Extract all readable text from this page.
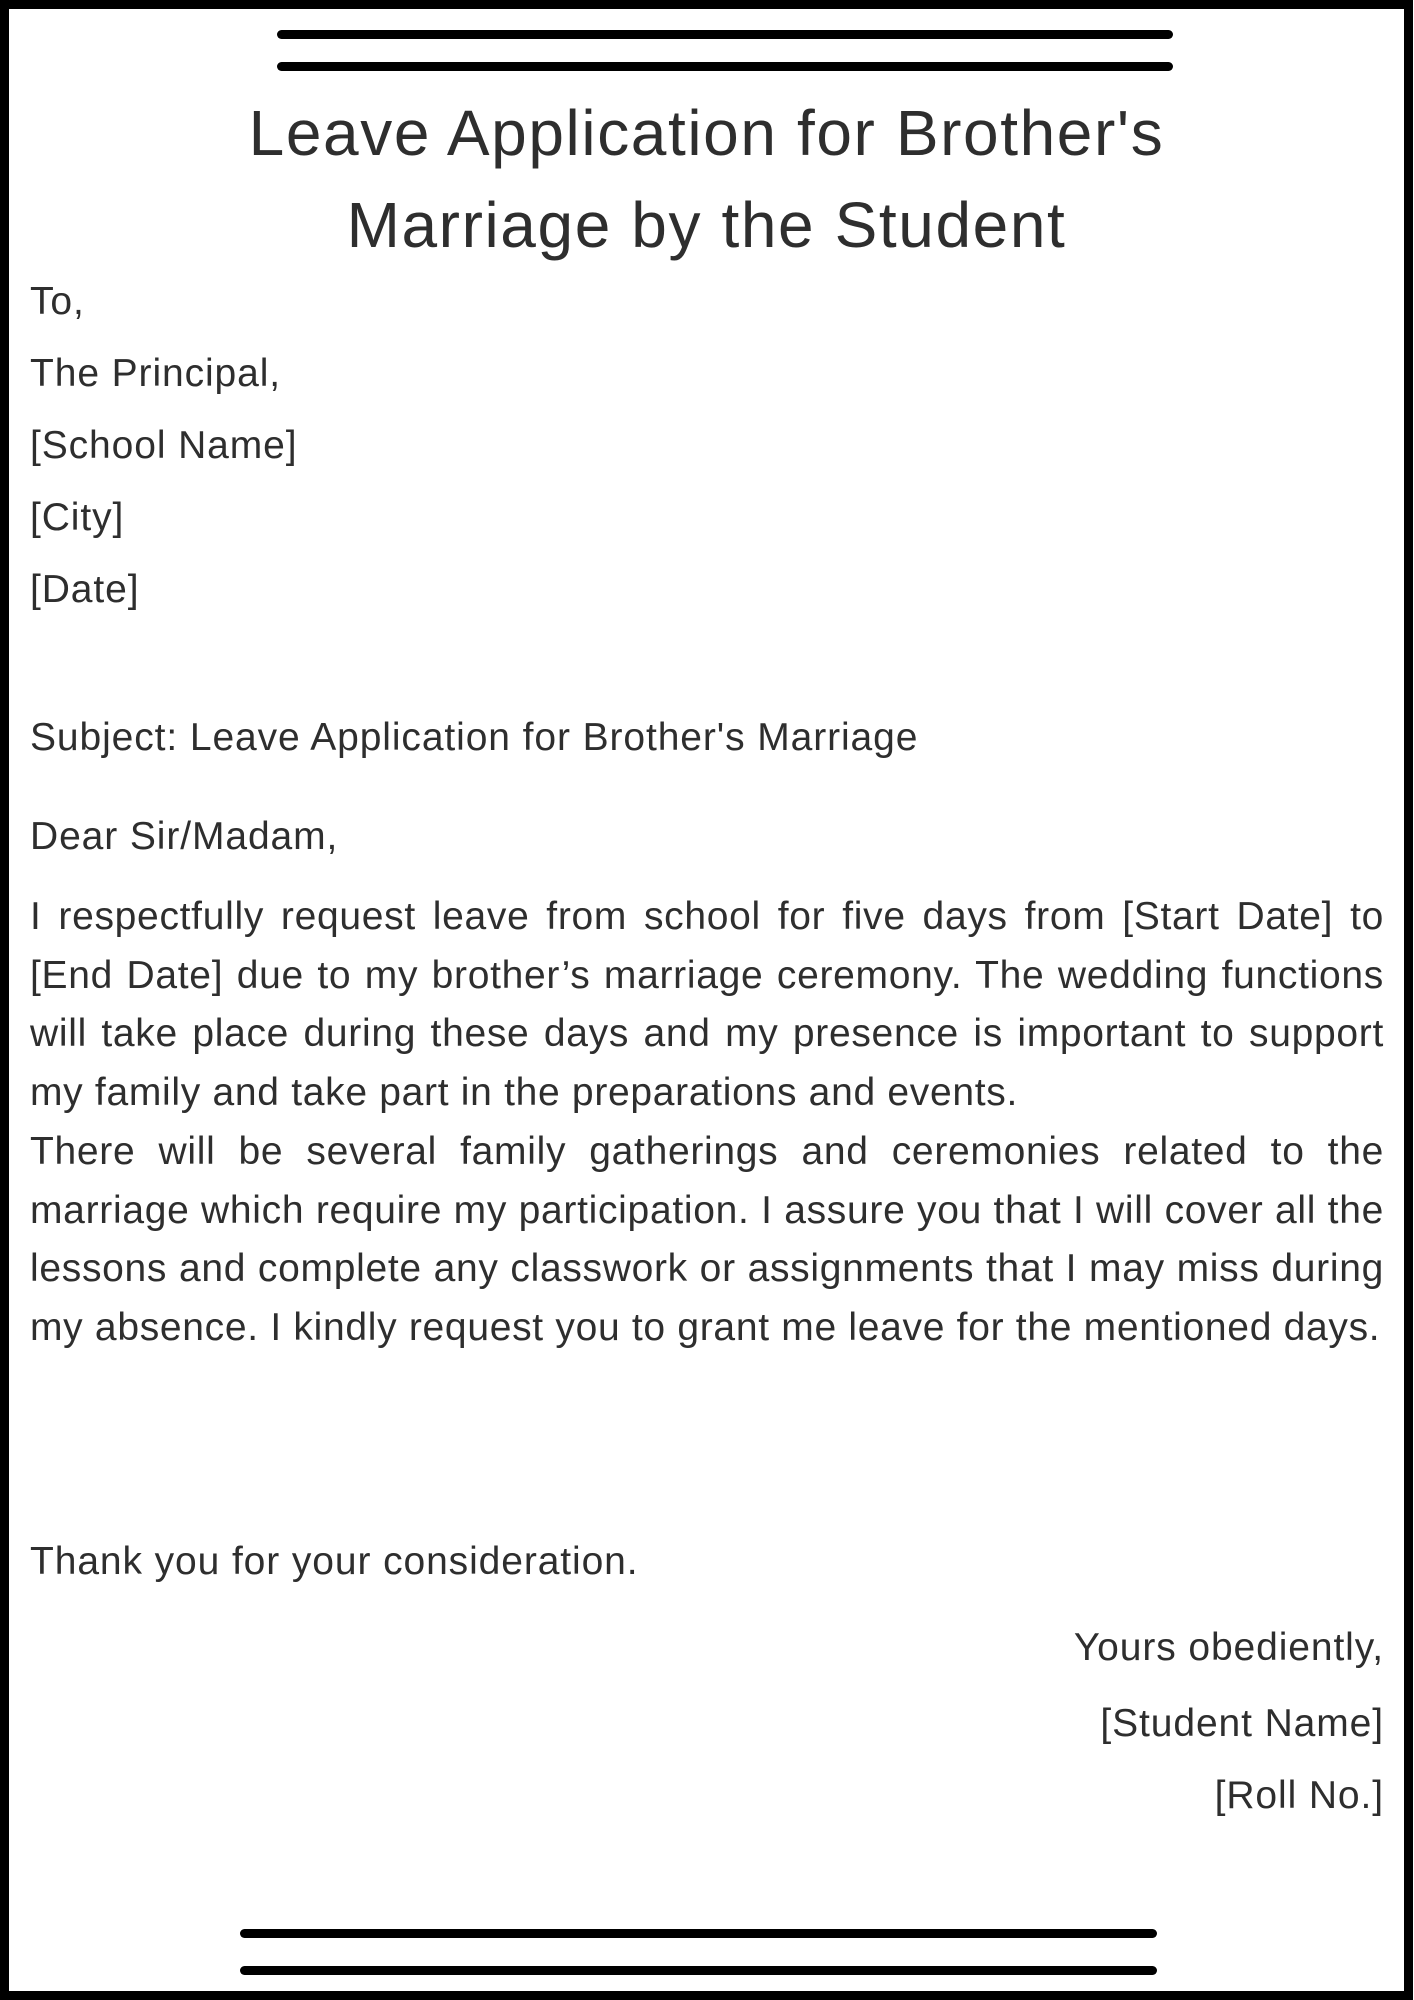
Leave Application for Brother's
Marriage by the Student
To,
The Principal,
[School Name]
[City]
[Date]
Subject: Leave Application for Brother's Marriage
Dear Sir/Madam,

I respectfully request leave from school for five days from [Start Date] to [End Date] due to my brother’s marriage ceremony. The wedding functions will take place during these days and my presence is important to support my family and take part in the preparations and events.

There will be several family gatherings and ceremonies related to the marriage which require my participation. I assure you that I will cover all the lessons and complete any classwork or assignments that I may miss during my absence. I kindly request you to grant me leave for the mentioned days.

Thank you for your consideration.
Yours obediently,
[Student Name]
[Roll No.]
